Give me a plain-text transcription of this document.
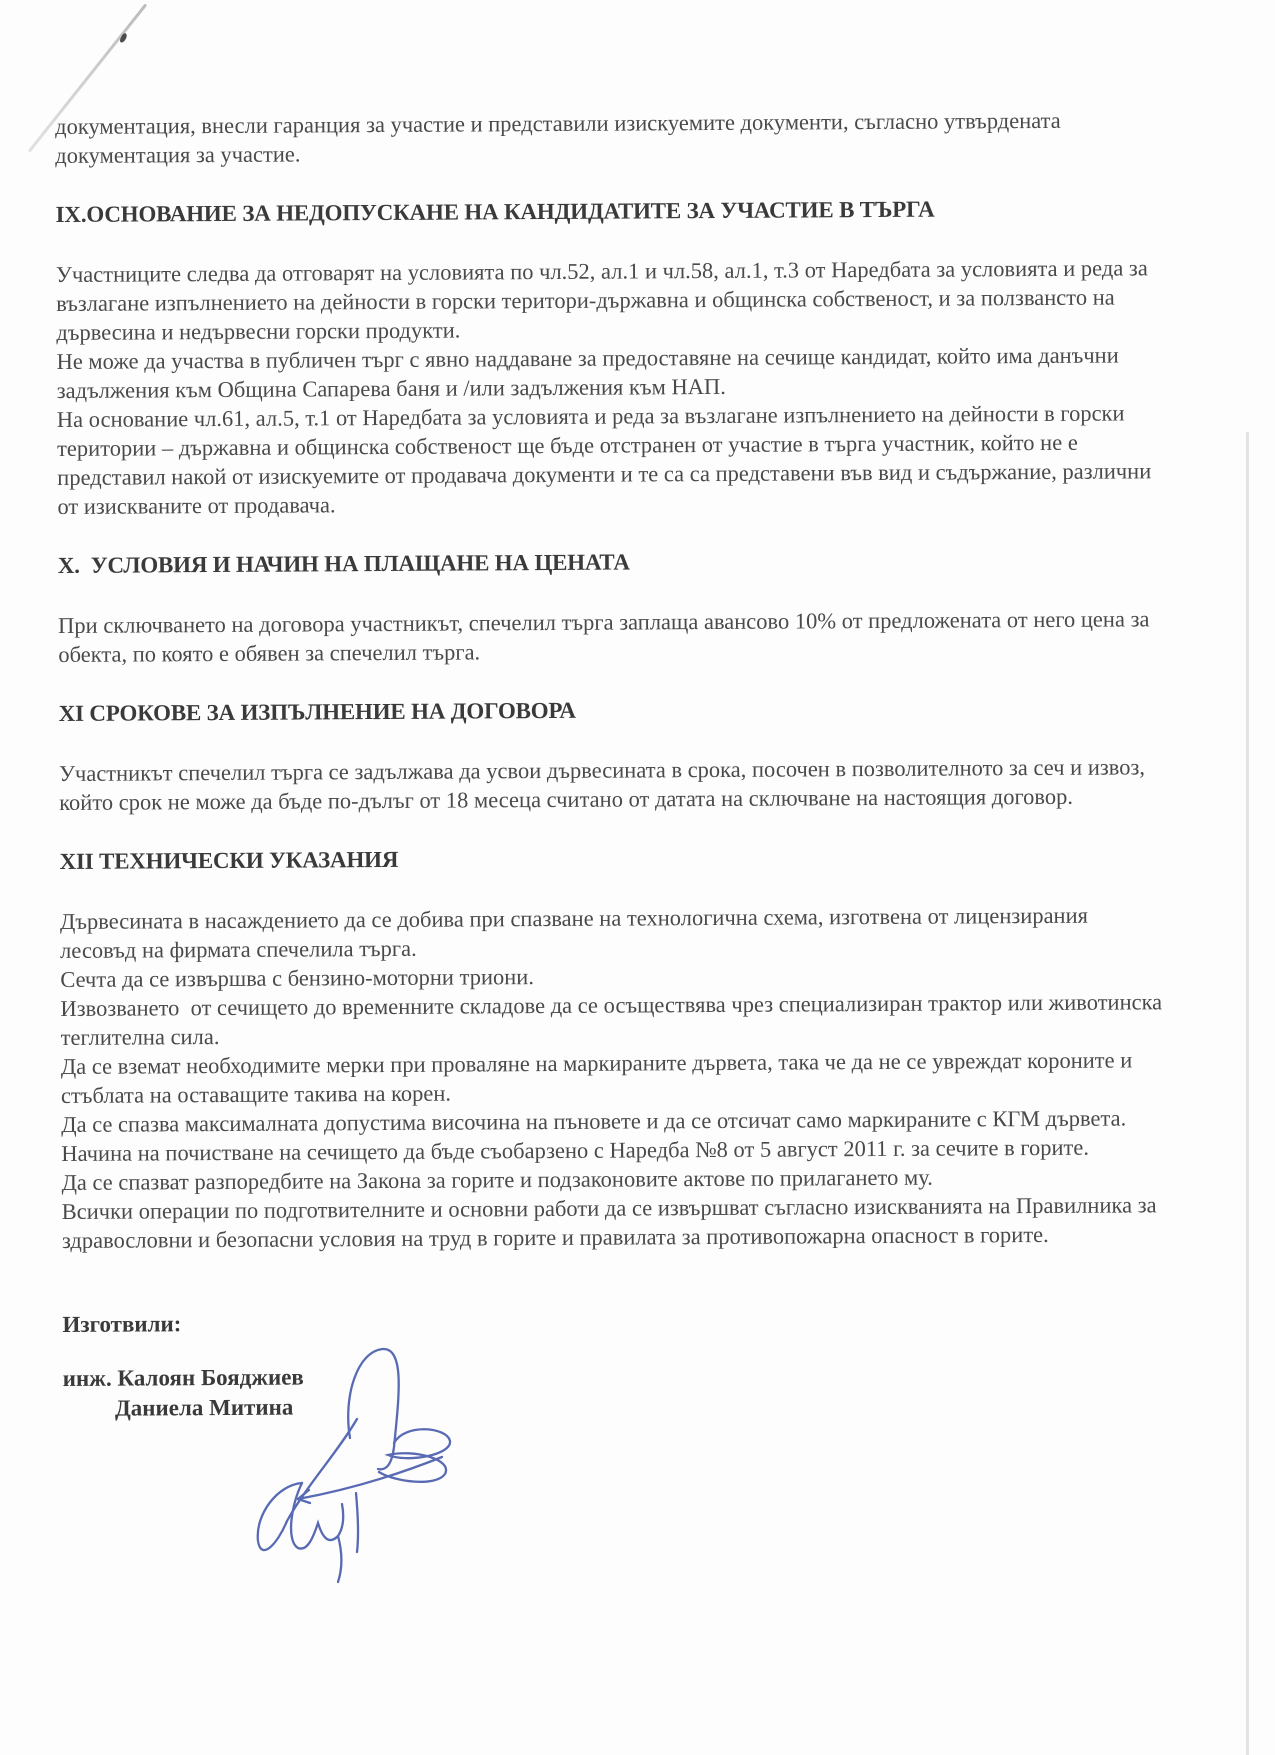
документация, внесли гаранция за участие и представили изискуемите документи, съгласно утвърдената документация за участие.

IX.ОСНОВАНИЕ ЗА НЕДОПУСКАНЕ НА КАНДИДАТИТЕ ЗА УЧАСТИЕ В ТЪРГА

Участниците следва да отговарят на условията по чл.52, ал.1 и чл.58, ал.1, т.3 от Наредбата за условията и реда за възлагане изпълнението на дейности в горски територи-държавна и общинска собственост, и за ползвансто на дървесина и недървесни горски продукти.

Не може да участва в публичен търг с явно наддаване за предоставяне на сечище кандидат, който има данъчни задължения към Община Сапарева баня и /или задължения към НАП.

На основание чл.61, ал.5, т.1 от Наредбата за условията и реда за възлагане изпълнението на дейности в горски територии – държавна и общинска собственост ще бъде отстранен от участие в търга участник, който не е представил накой от изискуемите от продавача документи и те са са представени във вид и съдържание, различни от изискваните от продавача.

X.  УСЛОВИЯ И НАЧИН НА ПЛАЩАНЕ НА ЦЕНАТА

При сключването на договора участникът, спечелил търга заплаща авансово 10% от предложената от него цена за обекта, по която е обявен за спечелил търга.

XI СРОКОВЕ ЗА ИЗПЪЛНЕНИЕ НА ДОГОВОРА

Участникът спечелил търга се задължава да усвои дървесината в срока, посочен в позволителното за сеч и извоз,  който срок не може да бъде по-дълъг от 18 месеца считано от датата на сключване на настоящия договор.

XII ТЕХНИЧЕСКИ УКАЗАНИЯ

Дървесината в насаждението да се добива при спазване на технологична схема, изготвена от лицензирания лесовъд на фирмата спечелила търга.

Сечта да се извършва с бензино-моторни триони.

Извозването  от сечището до временните складове да се осъществява чрез специализиран трактор или животинска теглителна сила.

Да се вземат необходимите мерки при проваляне на маркираните дървета, така че да не се увреждат короните и стъблата на оставащите такива на корен.

Да се спазва максималната допустима височина на пъновете и да се отсичат само маркираните с КГМ дървета.

Начина на почистване на сечището да бъде съобарзено с Наредба №8 от 5 август 2011 г. за сечите в горите.

Да се спазват разпоредбите на Закона за горите и подзаконовите актове по прилагането му.

Всички операции по подготвителните и основни работи да се извършват съгласно изискванията на Правилника за здравословни и безопасни условия на труд в горите и правилата за противопожарна опасност в горите.

Изготвили:

инж. Калоян Бояджиев
Даниела Митина
